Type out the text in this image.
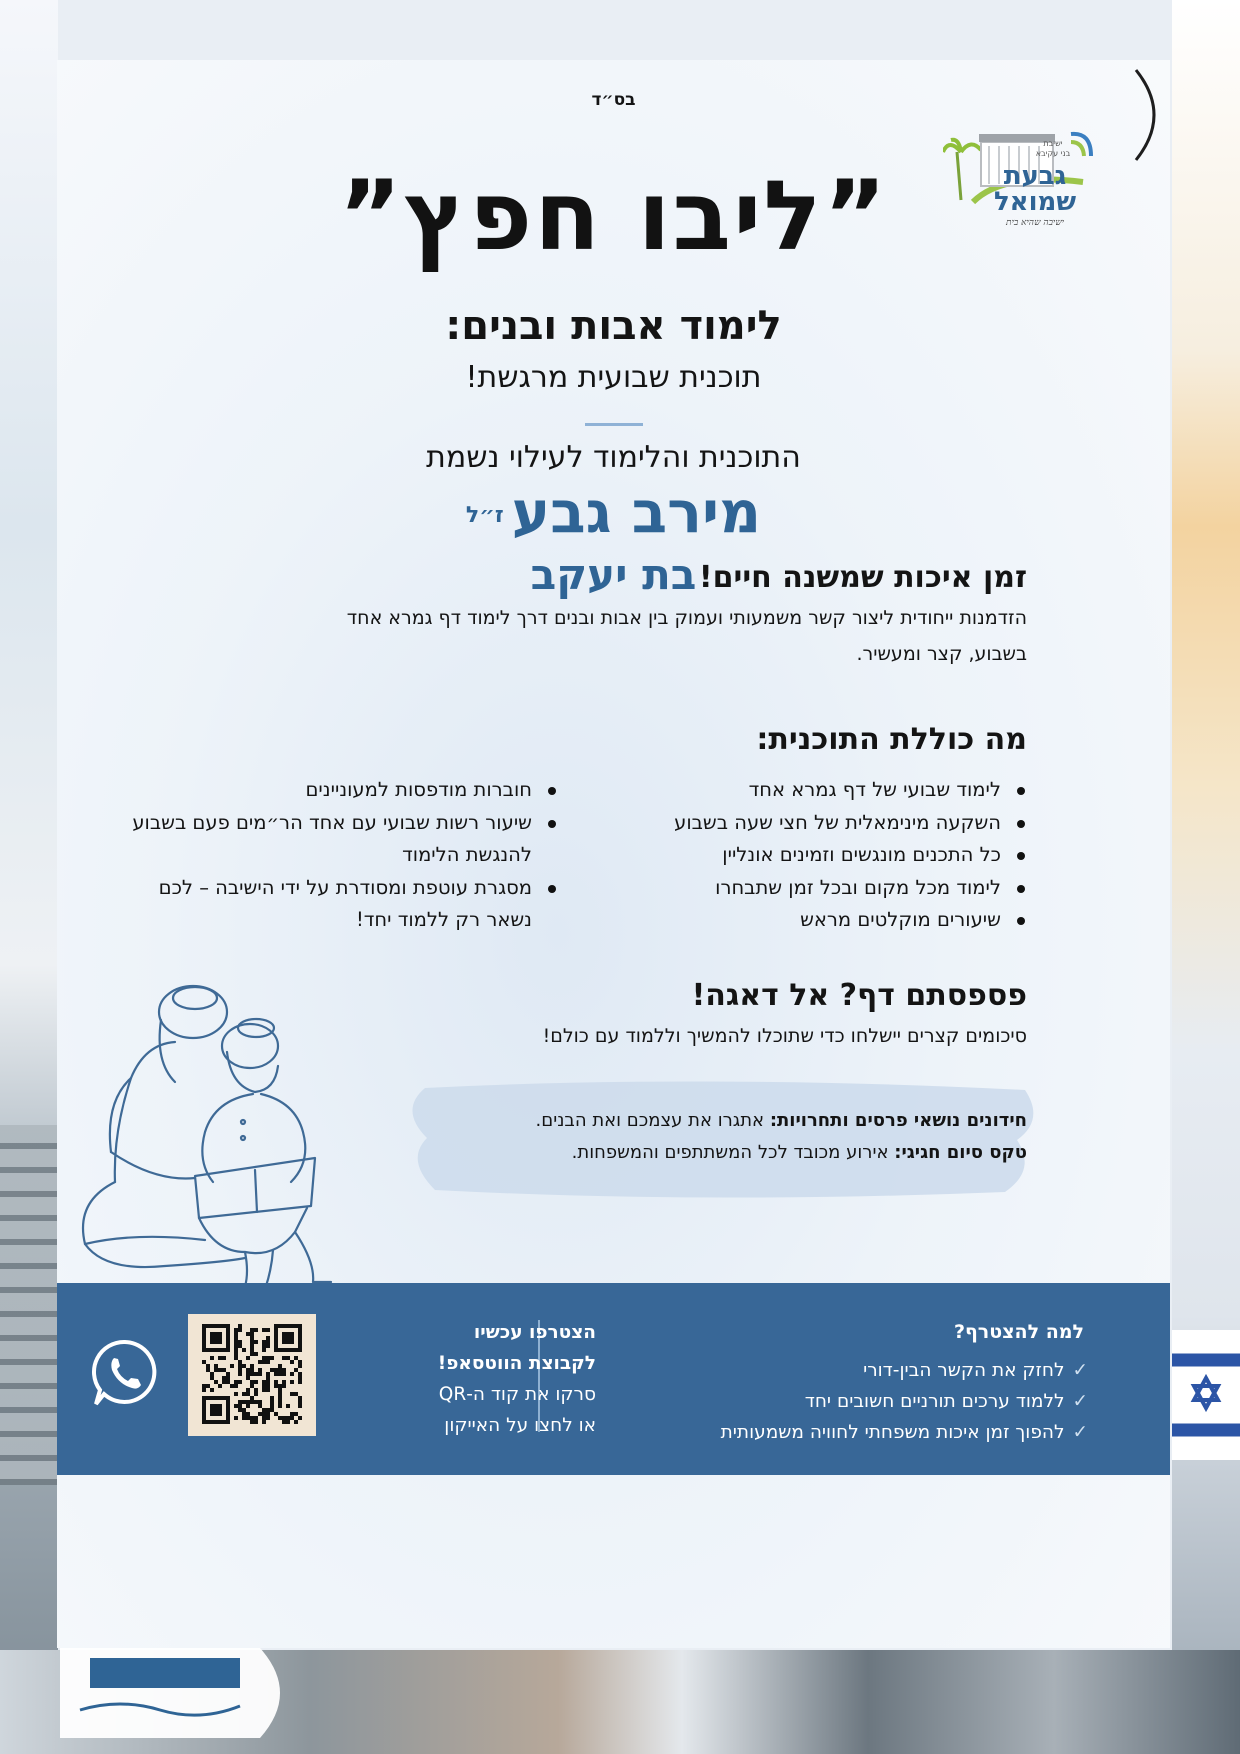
בס״ד
ישיבת
בני עקיבא
גבעת
שמואל
ישיבה שהיא בית
”ליבו חפץ”
לימוד אבות ובנים:
תוכנית שבועית מרגשת!
התוכנית והלימוד לעילוי נשמת
מירב גבעז״ל
בת יעקב זמן איכות שמשנה חיים!
הזדמנות ייחודית ליצור קשר משמעותי ועמוק בין אבות ובנים דרך לימוד דף גמרא אחד בשבוע, קצר ומעשיר.
מה כוללת התוכנית:
לימוד שבועי של דף גמרא אחד
השקעה מינימאלית של חצי שעה בשבוע
כל התכנים מונגשים וזמינים אונליין
לימוד מכל מקום ובכל זמן שתבחרו
שיעורים מוקלטים מראש
חוברות מודפסות למעוניינים
שיעור רשות שבועי עם אחד הר״מים פעם בשבוע להנגשת הלימוד
מסגרת עוטפת ומסודרת על ידי הישיבה – לכם נשאר רק ללמוד יחד!
פספסתם דף? אל דאגה!
סיכומים קצרים יישלחו כדי שתוכלו להמשיך וללמוד עם כולם!
חידונים נושאי פרסים ותחרויות: אתגרו את עצמכם ואת הבנים.
טקס סיום חגיגי: אירוע מכובד לכל המשתתפים והמשפחות.
למה להצטרף?
✓לחזק את הקשר הבין-דורי
✓ללמוד ערכים תורניים חשובים יחד
✓להפוך זמן איכות משפחתי לחוויה משמעותית
הצטרפו עכשיו
לקבוצת הווטסאפ!
סרקו את קוד ה-QR
או לחצו על האייקון
